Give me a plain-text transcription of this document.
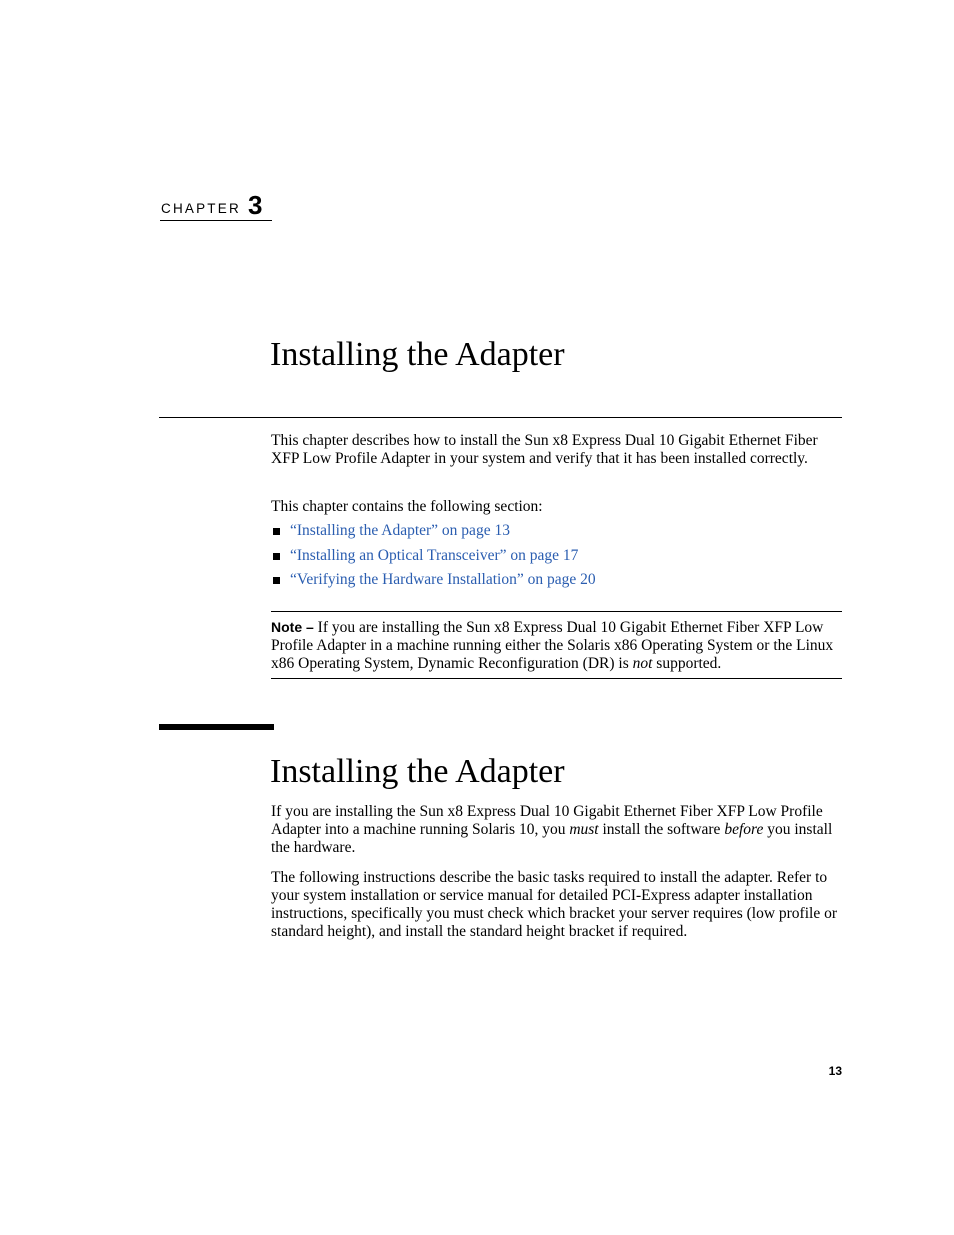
CHAPTER 3
Installing the Adapter

This chapter describes how to install the Sun x8 Express Dual 10 Gigabit Ethernet Fiber XFP Low Profile Adapter in your system and verify that it has been installed correctly.

This chapter contains the following section:

“Installing the Adapter” on page 13
“Installing an Optical Transceiver” on page 17
“Verifying the Hardware Installation” on page 20
Note – If you are installing the Sun x8 Express Dual 10 Gigabit Ethernet Fiber XFP Low Profile Adapter in a machine running either the Solaris x86 Operating System or the Linux x86 Operating System, Dynamic Reconfiguration (DR) is not supported.
Installing the Adapter

If you are installing the Sun x8 Express Dual 10 Gigabit Ethernet Fiber XFP Low Profile Adapter into a machine running Solaris 10, you must install the software before you install the hardware.

The following instructions describe the basic tasks required to install the adapter. Refer to your system installation or service manual for detailed PCI-Express adapter installation instructions, specifically you must check which bracket your server requires (low profile or standard height), and install the standard height bracket if required.

13
